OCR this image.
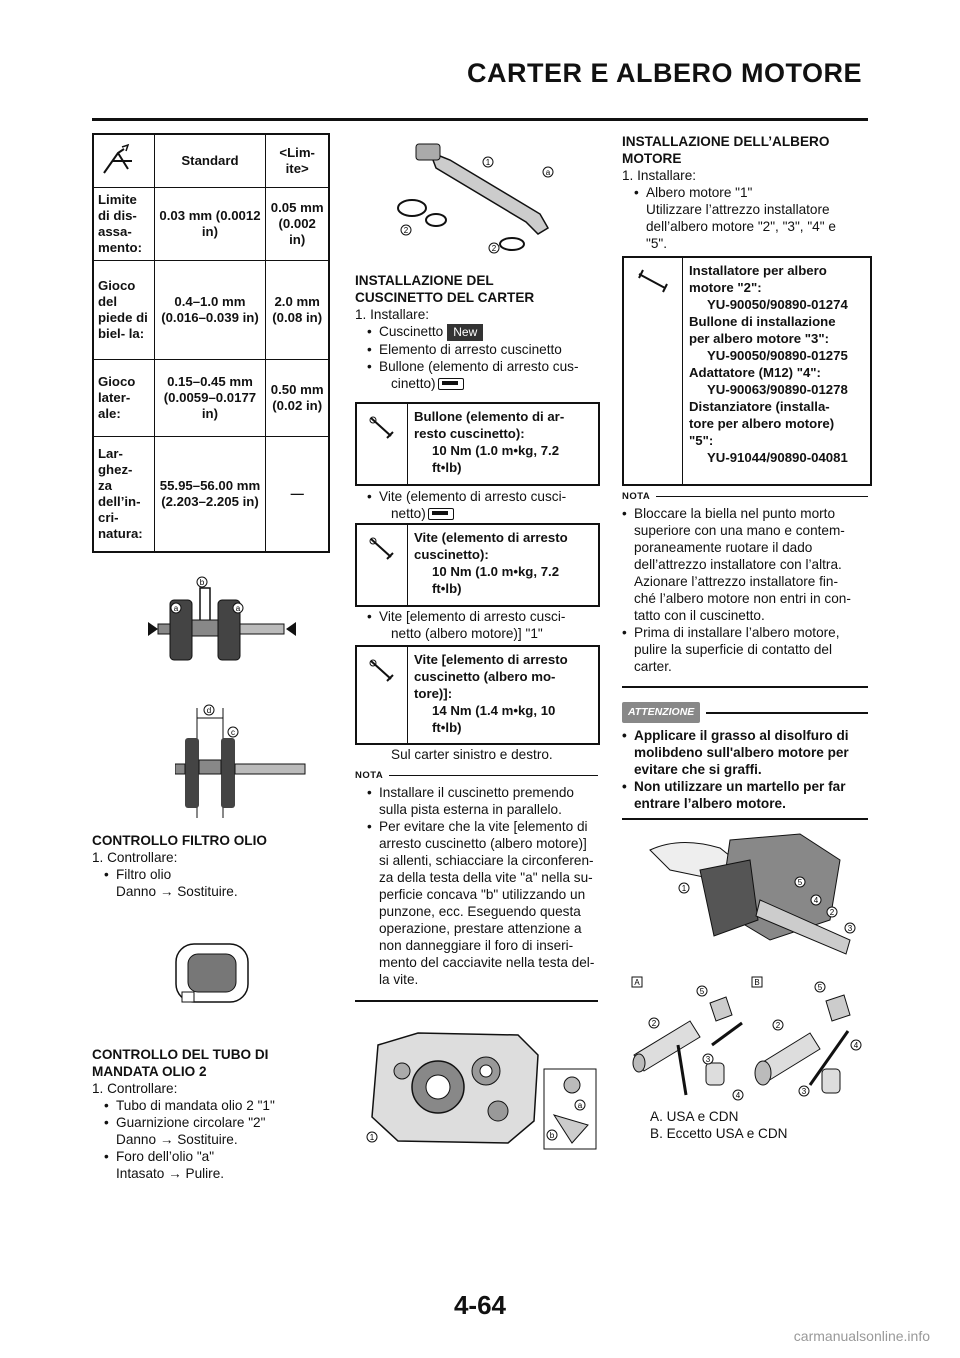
CARTER E ALBERO MOTORE
	Standard	<Lim- ite>
Limite di dis- assa- mento:	0.03 mm (0.0012 in)	0.05 mm (0.002 in)
Gioco del piede di biel- la:	0.4–1.0 mm (0.016–0.039 in)	2.0 mm (0.08 in)
Gioco later- ale:	0.15–0.45 mm (0.0059–0.0177 in)	0.50 mm (0.02 in)
Lar- ghez- za dell’in- cri- natura:	55.95–56.00 mm (2.203–2.205 in)	—
b
a	a
d
c
CONTROLLO FILTRO OLIO
1. Controllare:
• Filtro olio
Danno → Sostituire.
CONTROLLO DEL TUBO DI
MANDATA OLIO 2
1. Controllare:
• Tubo di mandata olio 2 "1"
• Guarnizione circolare "2"
Danno → Sostituire.
• Foro dell’olio "a"
Intasato → Pulire.
1
a
2
2
INSTALLAZIONE DEL
CUSCINETTO DEL CARTER
1. Installare:
• Cuscinetto New
• Elemento di arresto cuscinetto
• Bullone (elemento di arresto cus-
cinetto)
Bullone (elemento di ar-
resto cuscinetto):
10 Nm (1.0 m•kg, 7.2
ft•lb)
• Vite (elemento di arresto cusci-
netto)
Vite (elemento di arresto
cuscinetto):
10 Nm (1.0 m•kg, 7.2
ft•lb)
• Vite [elemento di arresto cusci-
netto (albero motore)] "1"
Vite [elemento di arresto
cuscinetto (albero mo-
tore)]:
14 Nm (1.4 m•kg, 10
ft•lb)
Sul carter sinistro e destro.
NOTA
• Installare il cuscinetto premendo
sulla pista esterna in parallelo.
• Per evitare che la vite [elemento di
arresto cuscinetto (albero motore)]
si allenti, schiacciare la circonferen-
za della testa della vite "a" nella su-
perficie concava "b" utilizzando un
punzone, ecc. Eseguendo questa
operazione, prestare attenzione a
non danneggiare il foro di inseri-
mento del cacciavite nella testa del-
la vite.
1
a
b
INSTALLAZIONE DELL’ALBERO
MOTORE
1. Installare:
• Albero motore "1"
Utilizzare l’attrezzo installatore
dell’albero motore "2", "3", "4" e
"5".
Installatore per albero
motore "2":
YU-90050/90890-01274
Bullone di installazione
per albero motore "3":
YU-90050/90890-01275
Adattatore (M12) "4":
YU-90063/90890-01278
Distanziatore (installa-
tore per albero motore)
"5":
YU-91044/90890-04081
NOTA
• Bloccare la biella nel punto morto
superiore con una mano e contem-
poraneamente ruotare il dado
dell’attrezzo installatore con l’altra.
Azionare l’attrezzo installatore fin-
ché l’albero motore non entri in con-
tatto con il cuscinetto.
• Prima di installare l’albero motore,
pulire la superficie di contatto del
carter.
ATTENZIONE
• Applicare il grasso al disolfuro di
molibdeno sull'albero motore per
evitare che si graffi.
• Non utilizzare un martello per far
entrare l’albero motore.
1
5
4
2
3
A	B
5
2
3
4
5
2
4
3
A. USA e CDN
B. Eccetto USA e CDN
4-64
carmanualsonline.info
